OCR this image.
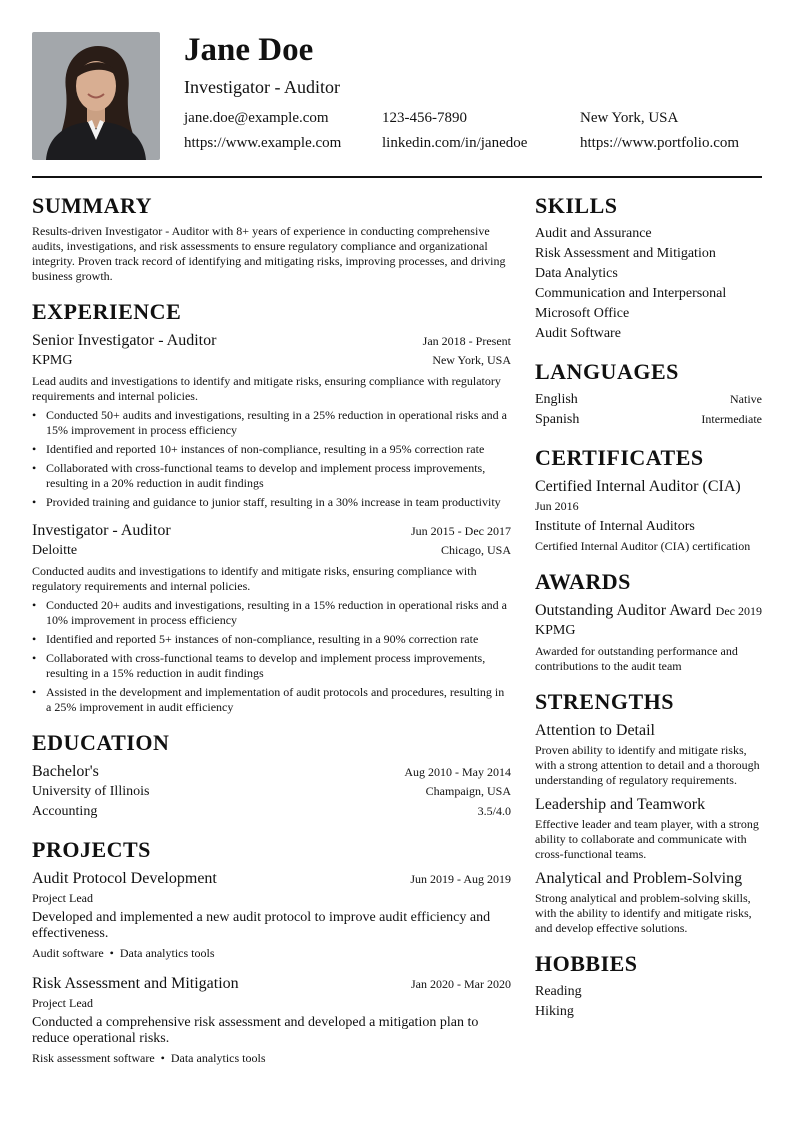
Jane Doe
Investigator - Auditor
jane.doe@example.com	123-456-7890	New York, USA
https://www.example.com	linkedin.com/in/janedoe	https://www.portfolio.com
SUMMARY
Results-driven Investigator - Auditor with 8+ years of experience in conducting comprehensive audits, investigations, and risk assessments to ensure regulatory compliance and organizational integrity. Proven track record of identifying and mitigating risks, improving processes, and driving business growth.
EXPERIENCE
Senior Investigator - Auditor	Jan 2018 - Present
KPMG	New York, USA
Lead audits and investigations to identify and mitigate risks, ensuring compliance with regulatory requirements and internal policies.
• Conducted 50+ audits and investigations, resulting in a 25% reduction in operational risks and a 15% improvement in process efficiency
• Identified and reported 10+ instances of non-compliance, resulting in a 95% correction rate
• Collaborated with cross-functional teams to develop and implement process improvements, resulting in a 20% reduction in audit findings
• Provided training and guidance to junior staff, resulting in a 30% increase in team productivity
Investigator - Auditor	Jun 2015 - Dec 2017
Deloitte	Chicago, USA
Conducted audits and investigations to identify and mitigate risks, ensuring compliance with regulatory requirements and internal policies.
• Conducted 20+ audits and investigations, resulting in a 15% reduction in operational risks and a 10% improvement in process efficiency
• Identified and reported 5+ instances of non-compliance, resulting in a 90% correction rate
• Collaborated with cross-functional teams to develop and implement process improvements, resulting in a 15% reduction in audit findings
• Assisted in the development and implementation of audit protocols and procedures, resulting in a 25% improvement in audit efficiency
EDUCATION
Bachelor's	Aug 2010 - May 2014
University of Illinois	Champaign, USA
Accounting	3.5/4.0
PROJECTS
Audit Protocol Development	Jun 2019 - Aug 2019
Project Lead
Developed and implemented a new audit protocol to improve audit efficiency and effectiveness.
Audit software • Data analytics tools
Risk Assessment and Mitigation	Jan 2020 - Mar 2020
Project Lead
Conducted a comprehensive risk assessment and developed a mitigation plan to reduce operational risks.
Risk assessment software • Data analytics tools
SKILLS
Audit and Assurance
Risk Assessment and Mitigation
Data Analytics
Communication and Interpersonal
Microsoft Office
Audit Software
LANGUAGES
English	Native
Spanish	Intermediate
CERTIFICATES
Certified Internal Auditor (CIA)
Jun 2016
Institute of Internal Auditors
Certified Internal Auditor (CIA) certification
AWARDS
Outstanding Auditor Award Dec 2019
KPMG
Awarded for outstanding performance and contributions to the audit team
STRENGTHS
Attention to Detail
Proven ability to identify and mitigate risks, with a strong attention to detail and a thorough understanding of regulatory requirements.
Leadership and Teamwork
Effective leader and team player, with a strong ability to collaborate and communicate with cross-functional teams.
Analytical and Problem-Solving
Strong analytical and problem-solving skills, with the ability to identify and mitigate risks, and develop effective solutions.
HOBBIES
Reading
Hiking
